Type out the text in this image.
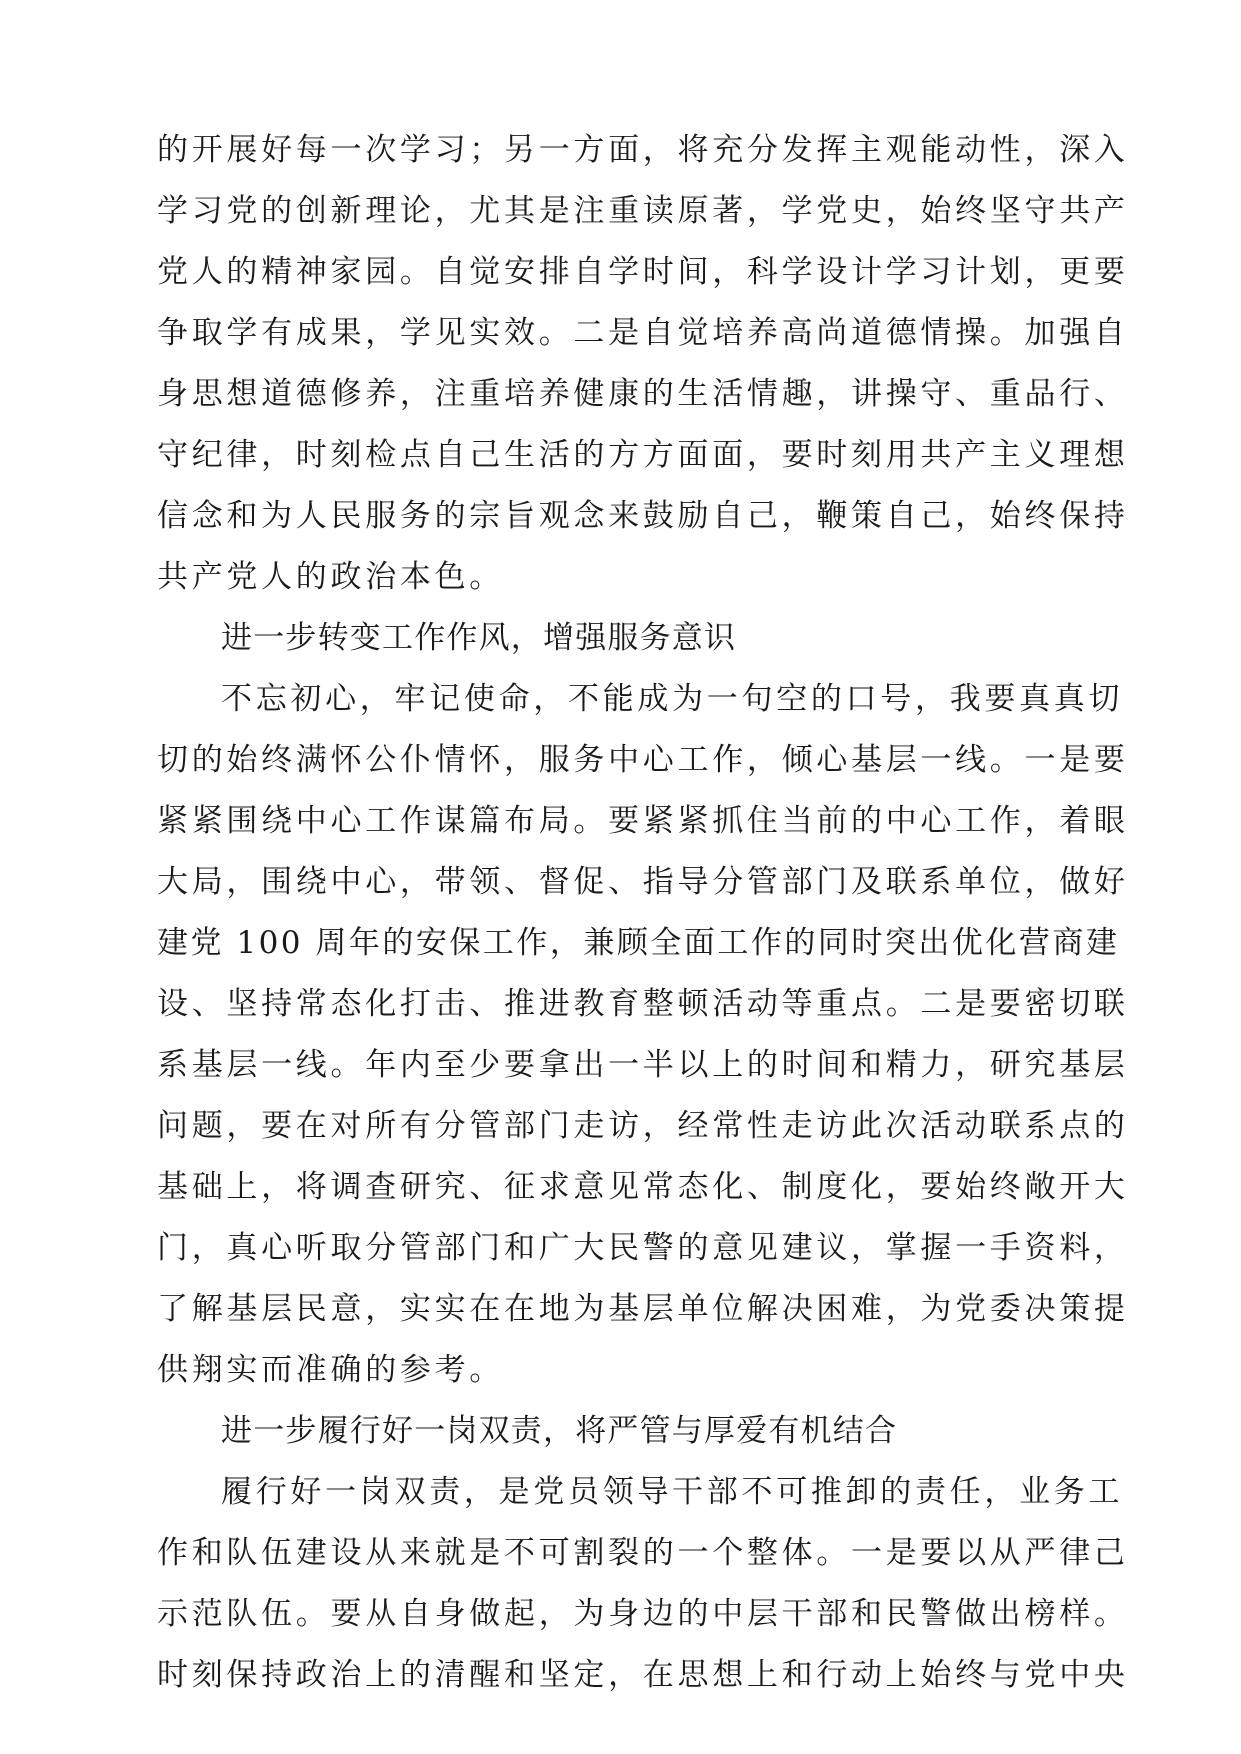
的开展好每一次学习；另一方面，将充分发挥主观能动性，深入
学习党的创新理论，尤其是注重读原著，学党史，始终坚守共产
党人的精神家园。自觉安排自学时间，科学设计学习计划，更要
争取学有成果，学见实效。二是自觉培养高尚道德情操。加强自
身思想道德修养，注重培养健康的生活情趣，讲操守、重品行、
守纪律，时刻检点自己生活的方方面面，要时刻用共产主义理想
信念和为人民服务的宗旨观念来鼓励自己，鞭策自己，始终保持
共产党人的政治本色。
进一步转变工作作风，增强服务意识
不忘初心，牢记使命，不能成为一句空的口号，我要真真切
切的始终满怀公仆情怀，服务中心工作，倾心基层一线。一是要
紧紧围绕中心工作谋篇布局。要紧紧抓住当前的中心工作，着眼
大局，围绕中心，带领、督促、指导分管部门及联系单位，做好
建党 100 周年的安保工作，兼顾全面工作的同时突出优化营商建
设、坚持常态化打击、推进教育整顿活动等重点。二是要密切联
系基层一线。年内至少要拿出一半以上的时间和精力，研究基层
问题，要在对所有分管部门走访，经常性走访此次活动联系点的
基础上，将调查研究、征求意见常态化、制度化，要始终敞开大
门，真心听取分管部门和广大民警的意见建议，掌握一手资料，
了解基层民意，实实在在地为基层单位解决困难，为党委决策提
供翔实而准确的参考。
进一步履行好一岗双责，将严管与厚爱有机结合
履行好一岗双责，是党员领导干部不可推卸的责任，业务工
作和队伍建设从来就是不可割裂的一个整体。一是要以从严律己
示范队伍。要从自身做起，为身边的中层干部和民警做出榜样。
时刻保持政治上的清醒和坚定，在思想上和行动上始终与党中央
